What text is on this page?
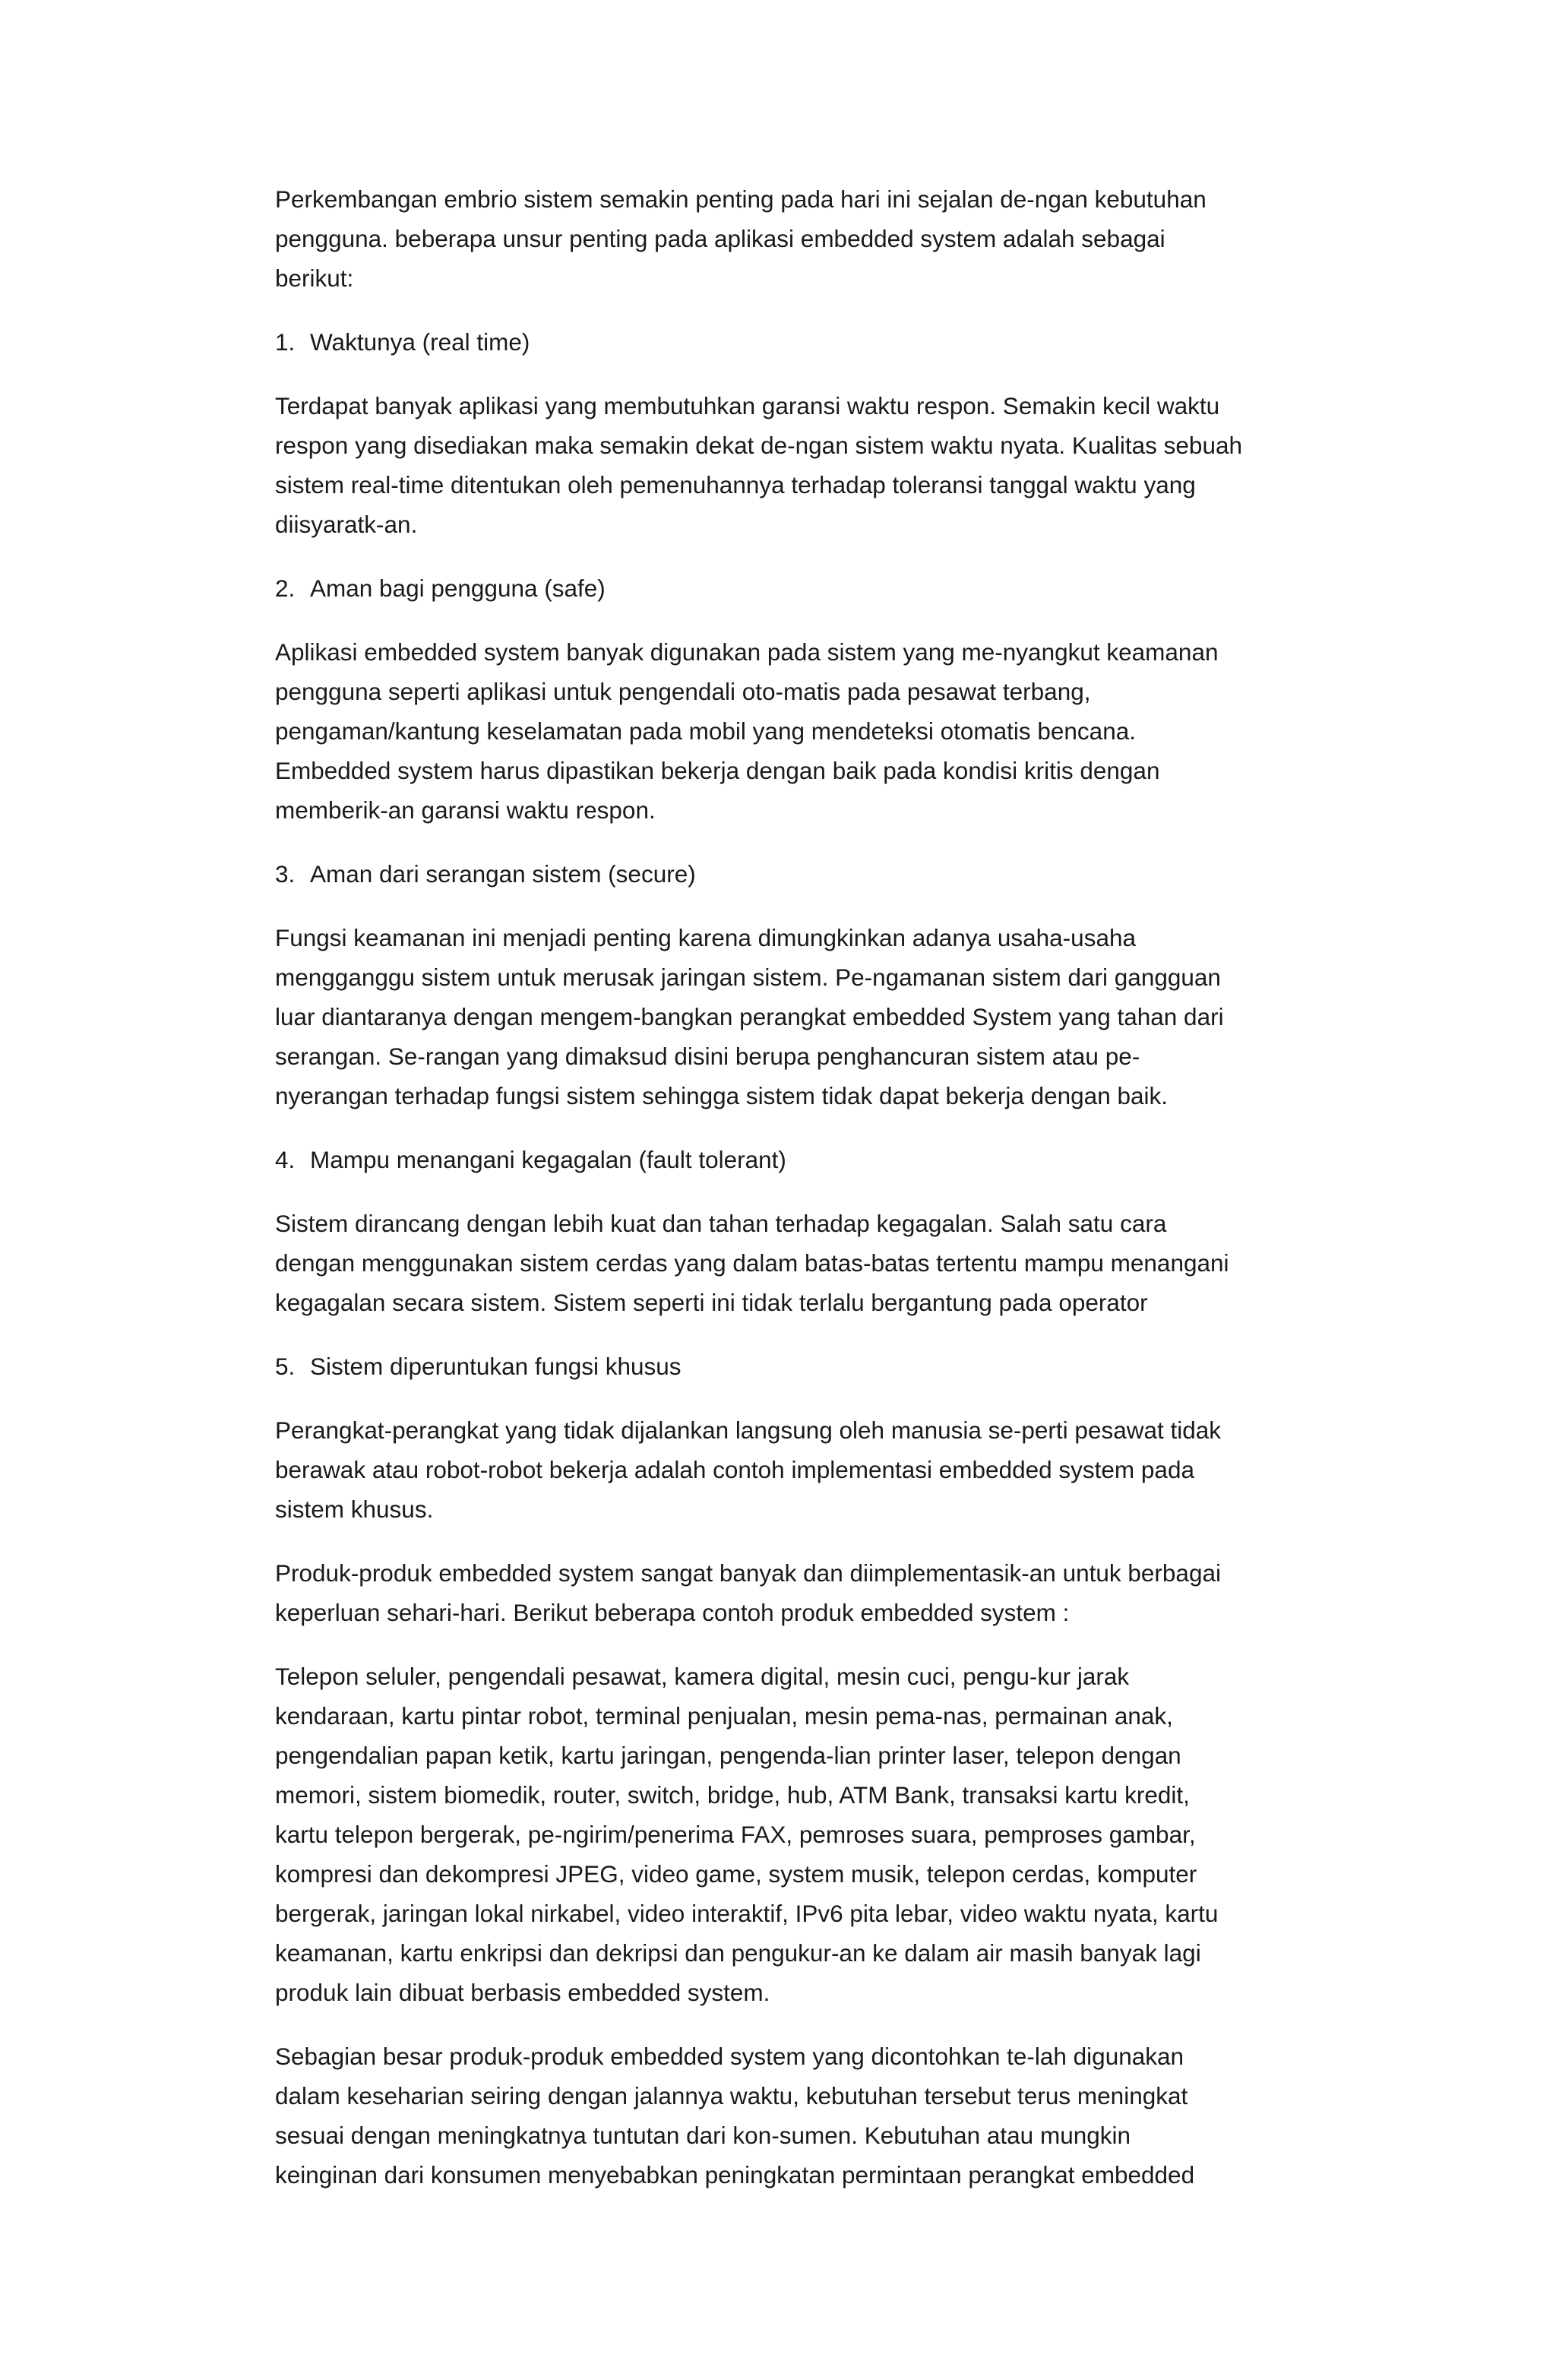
Perkembangan embrio sistem semakin penting pada hari ini sejalan de-ngan kebutuhan
pengguna. beberapa unsur penting pada aplikasi embedded system adalah sebagai
berikut:

1. Waktunya (real time)

Terdapat banyak aplikasi yang membutuhkan garansi waktu respon. Semakin kecil waktu
respon yang disediakan maka semakin dekat de-ngan sistem waktu nyata. Kualitas sebuah
sistem real-time ditentukan oleh pemenuhannya terhadap toleransi tanggal waktu yang
diisyaratk-an.

2. Aman bagi pengguna (safe)

Aplikasi embedded system banyak digunakan pada sistem yang me-nyangkut keamanan
pengguna seperti aplikasi untuk pengendali oto-matis pada pesawat terbang,
pengaman/kantung keselamatan pada mobil yang mendeteksi otomatis bencana.
Embedded system harus dipastikan bekerja dengan baik pada kondisi kritis dengan
memberik-an garansi waktu respon.

3. Aman dari serangan sistem (secure)

Fungsi keamanan ini menjadi penting karena dimungkinkan adanya usaha-usaha
mengganggu sistem untuk merusak jaringan sistem. Pe-ngamanan sistem dari gangguan
luar diantaranya dengan mengem-bangkan perangkat embedded System yang tahan dari
serangan. Se-rangan yang dimaksud disini berupa penghancuran sistem atau pe-
nyerangan terhadap fungsi sistem sehingga sistem tidak dapat bekerja dengan baik.

4. Mampu menangani kegagalan (fault tolerant)

Sistem dirancang dengan lebih kuat dan tahan terhadap kegagalan. Salah satu cara
dengan menggunakan sistem cerdas yang dalam batas-batas tertentu mampu menangani
kegagalan secara sistem. Sistem seperti ini tidak terlalu bergantung pada operator

5. Sistem diperuntukan fungsi khusus

Perangkat-perangkat yang tidak dijalankan langsung oleh manusia se-perti pesawat tidak
berawak atau robot-robot bekerja adalah contoh implementasi embedded system pada
sistem khusus.

Produk-produk embedded system sangat banyak dan diimplementasik-an untuk berbagai
keperluan sehari-hari. Berikut beberapa contoh produk embedded system :

Telepon seluler, pengendali pesawat, kamera digital, mesin cuci, pengu-kur jarak
kendaraan, kartu pintar robot, terminal penjualan, mesin pema-nas, permainan anak,
pengendalian papan ketik, kartu jaringan, pengenda-lian printer laser, telepon dengan
memori, sistem biomedik, router, switch, bridge, hub, ATM Bank, transaksi kartu kredit,
kartu telepon bergerak, pe-ngirim/penerima FAX, pemroses suara, pemproses gambar,
kompresi dan dekompresi JPEG, video game, system musik, telepon cerdas, komputer
bergerak, jaringan lokal nirkabel, video interaktif, IPv6 pita lebar, video waktu nyata, kartu
keamanan, kartu enkripsi dan dekripsi dan pengukur-an ke dalam air masih banyak lagi
produk lain dibuat berbasis embedded system.

Sebagian besar produk-produk embedded system yang dicontohkan te-lah digunakan
dalam keseharian seiring dengan jalannya waktu, kebutuhan tersebut terus meningkat
sesuai dengan meningkatnya tuntutan dari kon-sumen. Kebutuhan atau mungkin
keinginan dari konsumen menyebabkan peningkatan permintaan perangkat embedded
